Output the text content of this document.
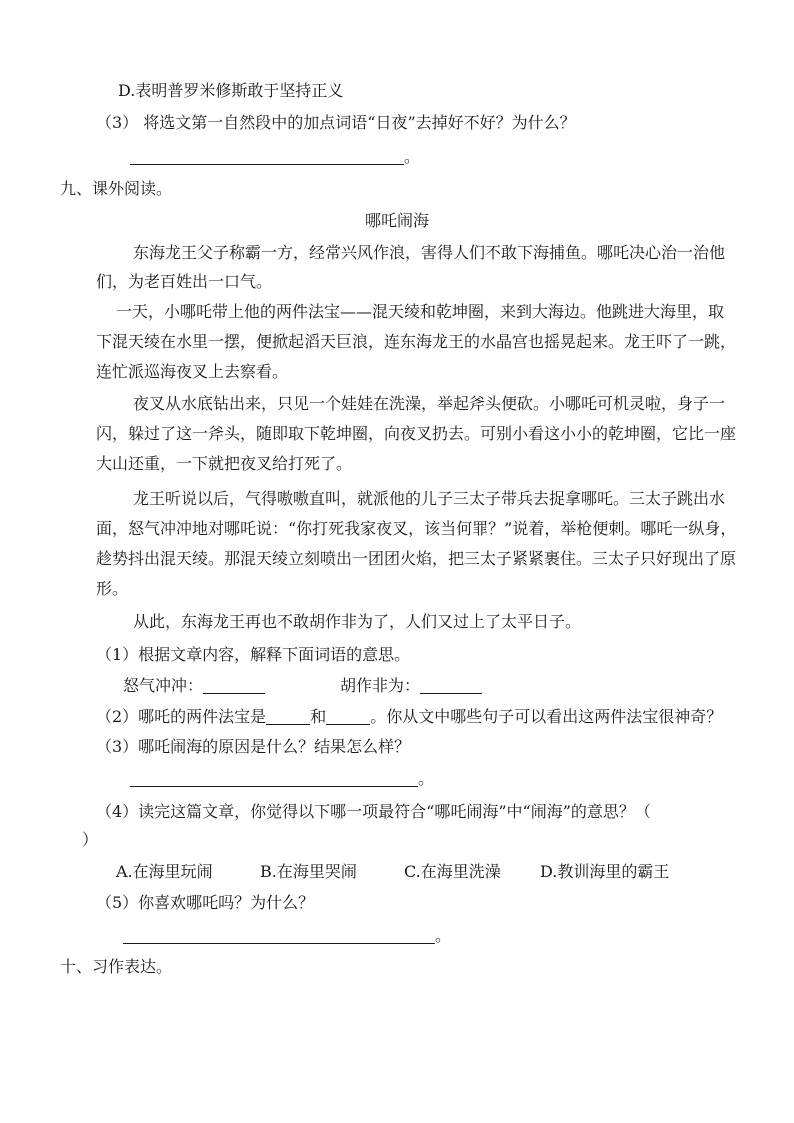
D.表明普罗米修斯敢于坚持正义
（3） 将选文第一自然段中的加点词语“日夜”去掉好不好？为什么？
。
九、课外阅读。
哪吒闹海
东海龙王父子称霸一方，经常兴风作浪，害得人们不敢下海捕鱼。哪吒决心治一治他
们，为老百姓出一口气。
一天，小哪吒带上他的两件法宝——混天绫和乾坤圈，来到大海边。他跳进大海里，取
下混天绫在水里一摆，便掀起滔天巨浪，连东海龙王的水晶宫也摇晃起来。龙王吓了一跳，
连忙派巡海夜叉上去察看。
夜叉从水底钻出来，只见一个娃娃在洗澡，举起斧头便砍。小哪吒可机灵啦，身子一
闪，躲过了这一斧头，随即取下乾坤圈，向夜叉扔去。可别小看这小小的乾坤圈，它比一座
大山还重，一下就把夜叉给打死了。
龙王听说以后，气得嗷嗷直叫，就派他的儿子三太子带兵去捉拿哪吒。三太子跳出水
面，怒气冲冲地对哪吒说：“你打死我家夜叉，该当何罪？”说着，举枪便刺。哪吒一纵身，
趁势抖出混天绫。那混天绫立刻喷出一团团火焰，把三太子紧紧裹住。三太子只好现出了原
形。
从此，东海龙王再也不敢胡作非为了，人们又过上了太平日子。
（1）根据文章内容，解释下面词语的意思。
怒气冲冲：	胡作非为：
（2）哪吒的两件法宝是	和	。你从文中哪些句子可以看出这两件法宝很神奇？
（3）哪吒闹海的原因是什么？结果怎么样？
。
（4）读完这篇文章，你觉得以下哪一项最符合“哪吒闹海”中“闹海”的意思？（
）
A.在海里玩闹	B.在海里哭闹	C.在海里洗澡 D.教训海里的霸王
（5）你喜欢哪吒吗？为什么？
。
十、习作表达。
